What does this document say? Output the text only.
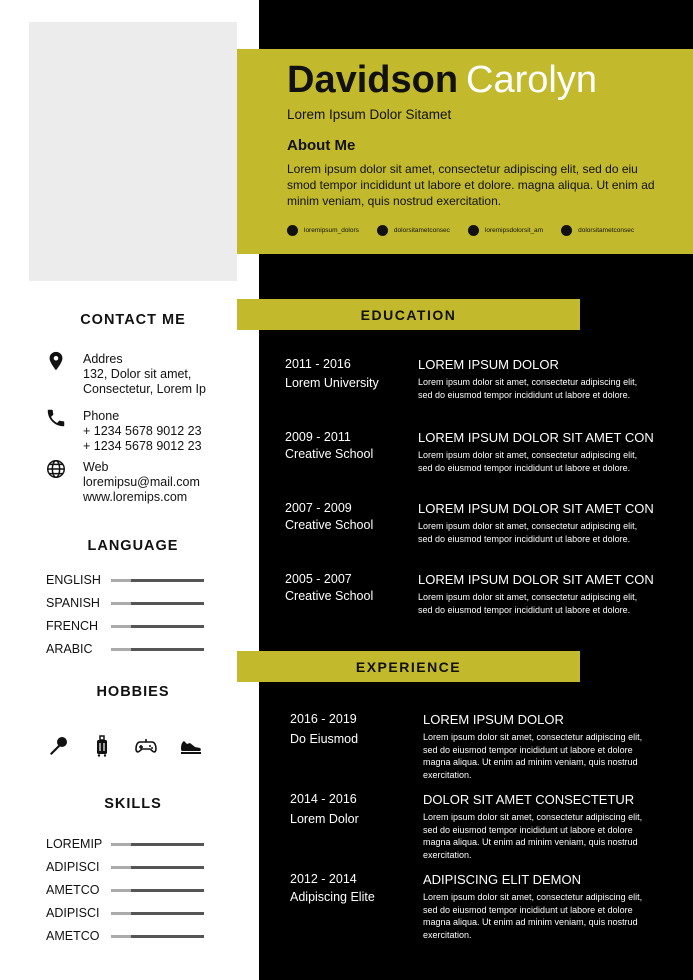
Davidson Carolyn
Lorem Ipsum Dolor Sitamet
About Me
Lorem ipsum dolor sit amet, consectetur adipiscing elit, sed do eiu smod tempor incididunt ut labore et dolore. magna aliqua. Ut enim ad minim veniam, quis nostrud exercitation.
loremipsum_dolors	dolorsitametconsec	loremipsdolorsit_am	dolorsitametconsec
CONTACT ME
Addres
132, Dolor sit amet,
Consectetur, Lorem Ip
Phone
+ 1234 5678 9012 23
+ 1234 5678 9012 23
Web
loremipsu@mail.com
www.loremips.com
LANGUAGE
ENGLISH
SPANISH
FRENCH
ARABIC
HOBBIES
SKILLS
LOREMIP
ADIPISCI
AMETCO
ADIPISCI
AMETCO
EDUCATION
2011 - 2016
Lorem University
LOREM IPSUM DOLOR
Lorem ipsum dolor sit amet, consectetur adipiscing elit, sed do eiusmod tempor incididunt ut labore et dolore.
2009 - 2011
Creative School
LOREM IPSUM DOLOR SIT AMET CON
Lorem ipsum dolor sit amet, consectetur adipiscing elit, sed do eiusmod tempor incididunt ut labore et dolore.
2007 - 2009
Creative School
LOREM IPSUM DOLOR SIT AMET CON
Lorem ipsum dolor sit amet, consectetur adipiscing elit, sed do eiusmod tempor incididunt ut labore et dolore.
2005 - 2007
Creative School
LOREM IPSUM DOLOR SIT AMET CON
Lorem ipsum dolor sit amet, consectetur adipiscing elit, sed do eiusmod tempor incididunt ut labore et dolore.
EXPERIENCE
2016 - 2019
Do Eiusmod
LOREM IPSUM DOLOR
Lorem ipsum dolor sit amet, consectetur adipiscing elit, sed do eiusmod tempor incididunt ut labore et dolore magna aliqua. Ut enim ad minim veniam, quis nostrud exercitation.
2014 - 2016
Lorem Dolor
DOLOR SIT AMET CONSECTETUR
Lorem ipsum dolor sit amet, consectetur adipiscing elit, sed do eiusmod tempor incididunt ut labore et dolore magna aliqua. Ut enim ad minim veniam, quis nostrud exercitation.
2012 - 2014
Adipiscing Elite
ADIPISCING ELIT DEMON
Lorem ipsum dolor sit amet, consectetur adipiscing elit, sed do eiusmod tempor incididunt ut labore et dolore magna aliqua. Ut enim ad minim veniam, quis nostrud exercitation.
